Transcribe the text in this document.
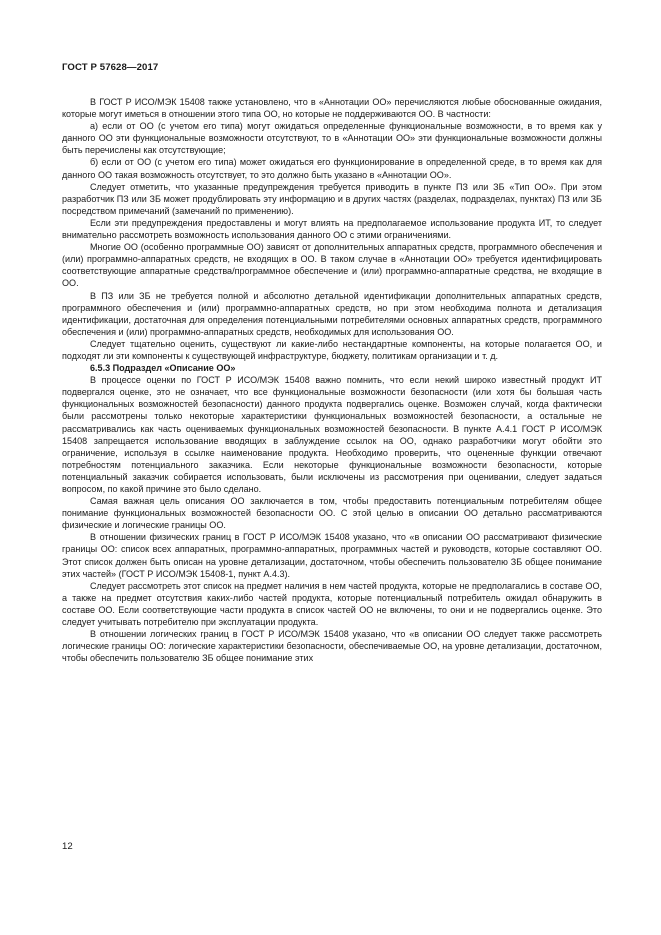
ГОСТ Р 57628—2017

В ГОСТ Р ИСО/МЭК 15408 также установлено, что в «Аннотации ОО» перечисляются любые обоснованные ожидания, которые могут иметься в отношении этого типа ОО, но которые не поддерживаются ОО. В частности:

а) если от ОО (с учетом его типа) могут ожидаться определенные функциональные возможности, в то время как у данного ОО эти функциональные возможности отсутствуют, то в «Аннотации ОО» эти функциональные возможности должны быть перечислены как отсутствующие;

б) если от ОО (с учетом его типа) может ожидаться его функционирование в определенной среде, в то время как для данного ОО такая возможность отсутствует, то это должно быть указано в «Аннотации ОО».

Следует отметить, что указанные предупреждения требуется приводить в пункте ПЗ или ЗБ «Тип ОО». При этом разработчик ПЗ или ЗБ может продублировать эту информацию и в других частях (разделах, подразделах, пунктах) ПЗ или ЗБ посредством примечаний (замечаний по применению).

Если эти предупреждения предоставлены и могут влиять на предполагаемое использование продукта ИТ, то следует внимательно рассмотреть возможность использования данного ОО с этими ограничениями.

Многие ОО (особенно программные ОО) зависят от дополнительных аппаратных средств, программного обеспечения и (или) программно-аппаратных средств, не входящих в ОО. В таком случае в «Аннотации ОО» требуется идентифицировать соответствующие аппаратные средства/программное обеспечение и (или) программно-аппаратные средства, не входящие в ОО.

В ПЗ или ЗБ не требуется полной и абсолютно детальной идентификации дополнительных аппаратных средств, программного обеспечения и (или) программно-аппаратных средств, но при этом необходима полнота и детализация идентификации, достаточная для определения потенциальными потребителями основных аппаратных средств, программного обеспечения и (или) программно-аппаратных средств, необходимых для использования ОО.

Следует тщательно оценить, существуют ли какие-либо нестандартные компоненты, на которые полагается ОО, и подходят ли эти компоненты к существующей инфраструктуре, бюджету, политикам организации и т. д.

6.5.3 Подраздел «Описание ОО»

В процессе оценки по ГОСТ Р ИСО/МЭК 15408 важно помнить, что если некий широко известный продукт ИТ подвергался оценке, это не означает, что все функциональные возможности безопасности (или хотя бы большая часть функциональных возможностей безопасности) данного продукта подвергались оценке. Возможен случай, когда фактически были рассмотрены только некоторые характеристики функциональных возможностей безопасности, а остальные не рассматривались как часть оцениваемых функциональных возможностей безопасности. В пункте А.4.1 ГОСТ Р ИСО/МЭК 15408 запрещается использование вводящих в заблуждение ссылок на ОО, однако разработчики могут обойти это ограничение, используя в ссылке наименование продукта. Необходимо проверить, что оцененные функции отвечают потребностям потенциального заказчика. Если некоторые функциональные возможности безопасности, которые потенциальный заказчик собирается использовать, были исключены из рассмотрения при оценивании, следует задаться вопросом, по какой причине это было сделано.

Самая важная цель описания ОО заключается в том, чтобы предоставить потенциальным потребителям общее понимание функциональных возможностей безопасности ОО. С этой целью в описании ОО детально рассматриваются физические и логические границы ОО.

В отношении физических границ в ГОСТ Р ИСО/МЭК 15408 указано, что «в описании ОО рассматривают физические границы ОО: список всех аппаратных, программно-аппаратных, программных частей и руководств, которые составляют ОО. Этот список должен быть описан на уровне детализации, достаточном, чтобы обеспечить пользователю ЗБ общее понимание этих частей» (ГОСТ Р ИСО/МЭК 15408-1, пункт А.4.3).

Следует рассмотреть этот список на предмет наличия в нем частей продукта, которые не предполагались в составе ОО, а также на предмет отсутствия каких-либо частей продукта, которые потенциальный потребитель ожидал обнаружить в составе ОО. Если соответствующие части продукта в список частей ОО не включены, то они и не подвергались оценке. Это следует учитывать потребителю при эксплуатации продукта.

В отношении логических границ в ГОСТ Р ИСО/МЭК 15408 указано, что «в описании ОО следует также рассмотреть логические границы ОО: логические характеристики безопасности, обеспечиваемые ОО, на уровне детализации, достаточном, чтобы обеспечить пользователю ЗБ общее понимание этих

12
